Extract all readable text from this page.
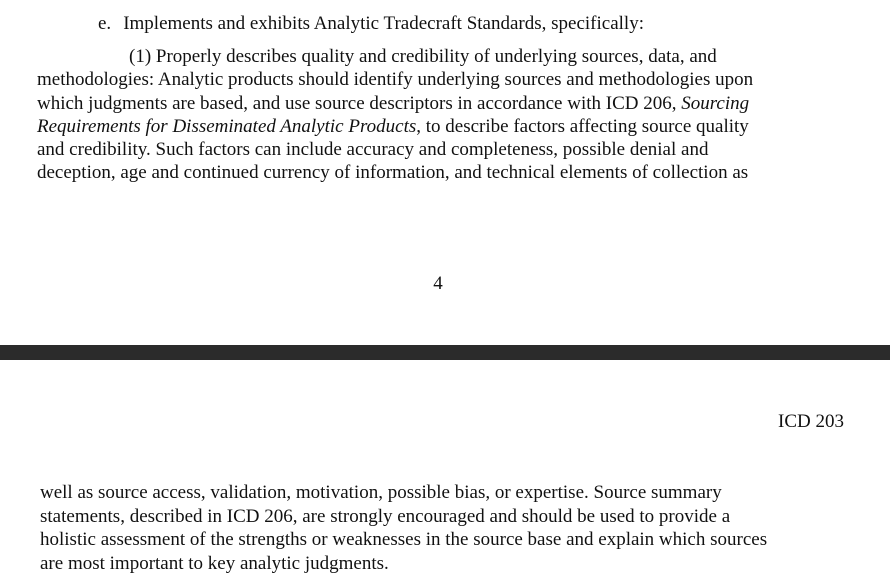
e. Implements and exhibits Analytic Tradecraft Standards, specifically:
(1) Properly describes quality and credibility of underlying sources, data, and
methodologies: Analytic products should identify underlying sources and methodologies upon
which judgments are based, and use source descriptors in accordance with ICD 206, Sourcing
Requirements for Disseminated Analytic Products, to describe factors affecting source quality
and credibility. Such factors can include accuracy and completeness, possible denial and
deception, age and continued currency of information, and technical elements of collection as
4
ICD 203
well as source access, validation, motivation, possible bias, or expertise. Source summary
statements, described in ICD 206, are strongly encouraged and should be used to provide a
holistic assessment of the strengths or weaknesses in the source base and explain which sources
are most important to key analytic judgments.
